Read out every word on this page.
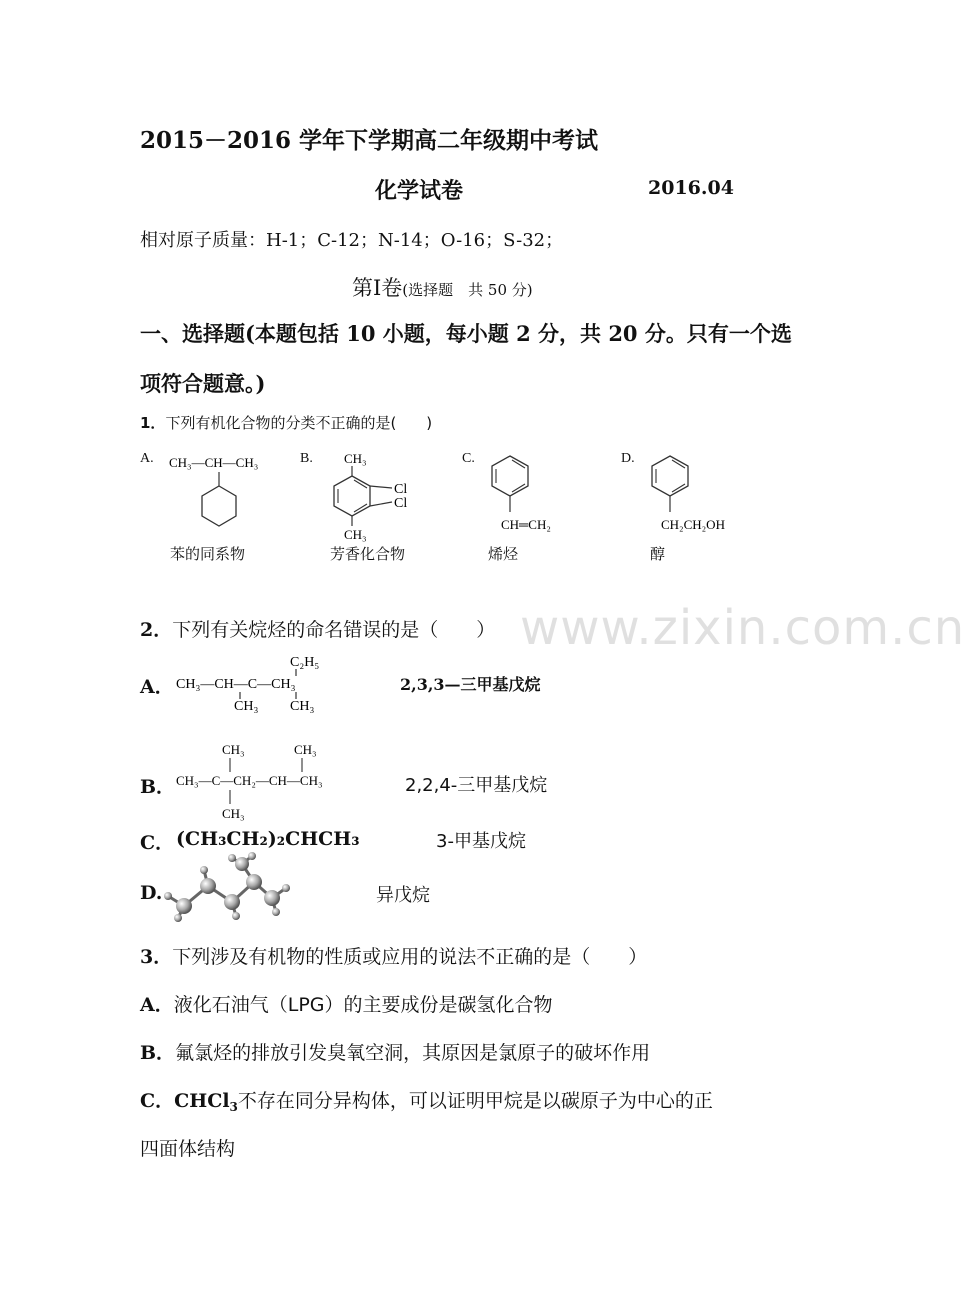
2015－2016 学年下学期高二年级期中考试
化学试卷	2016.04
相对原子质量：H-1；C-12；N-14；O-16；S-32；
第Ⅰ卷(选择题　共 50 分)
一、选择题(本题包括 10 小题，每小题 2 分，共 20 分。只有一个选
项符合题意。)
www.zixin.com.cn
1．下列有机化合物的分类不正确的是(　　)
A. CH₃—CH—CH₃
苯的同系物
B. CH₃
Cl
Cl
CH₃
芳香化合物
C.
CH═CH₂
烯烃
D.
CH₂CH₂OH
醇
2．下列有关烷烃的命名错误的是（　　）
A．
C₂H₅
CH₃—CH—C—CH₃
CH₃ CH₃
2,3,3—三甲基戊烷
B．
CH₃	CH₃
CH₃—C—CH₂—CH—CH₃
CH₃
2,2,4-三甲基戊烷
C． (CH₃CH₂)₂CHCH₃	3-甲基戊烷
D.	异戊烷
3．下列涉及有机物的性质或应用的说法不正确的是（　　）
A．液化石油气（LPG）的主要成份是碳氢化合物
B．氟氯烃的排放引发臭氧空洞，其原因是氯原子的破坏作用
C．CHCl$_3$不存在同分异构体，可以证明甲烷是以碳原子为中心的正
四面体结构
